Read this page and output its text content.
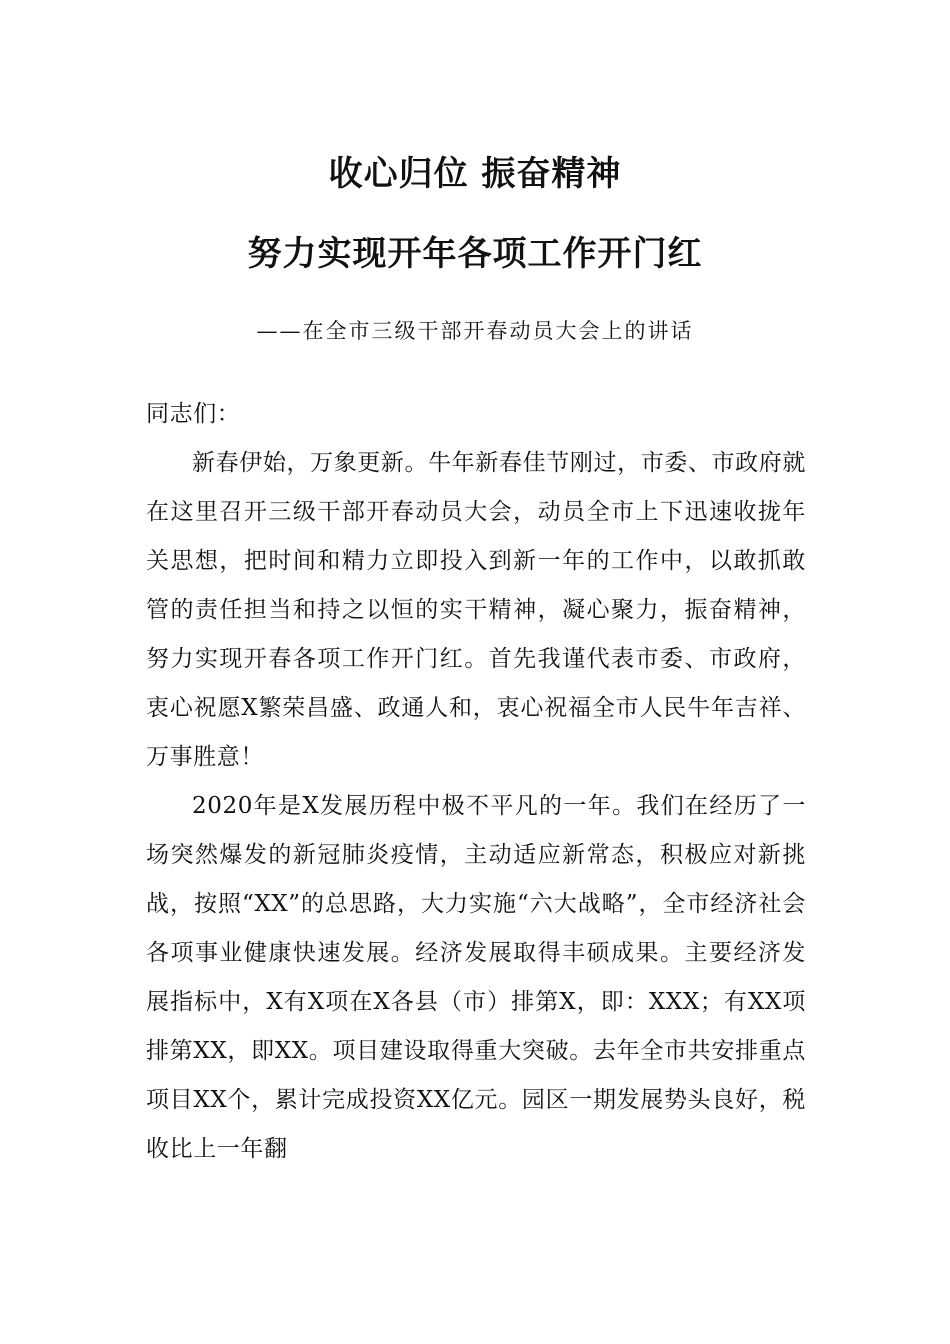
收心归位 振奋精神
努力实现开年各项工作开门红

——在全市三级干部开春动员大会上的讲话

同志们：

新春伊始，万象更新。牛年新春佳节刚过，市委、市政府就在这里召开三级干部开春动员大会，动员全市上下迅速收拢年关思想，把时间和精力立即投入到新一年的工作中，以敢抓敢管的责任担当和持之以恒的实干精神，凝心聚力，振奋精神，努力实现开春各项工作开门红。首先我谨代表市委、市政府，衷心祝愿X繁荣昌盛、政通人和，衷心祝福全市人民牛年吉祥、万事胜意！

2020年是X发展历程中极不平凡的一年。我们在经历了一场突然爆发的新冠肺炎疫情，主动适应新常态，积极应对新挑战，按照“XX”的总思路，大力实施“六大战略”，全市经济社会各项事业健康快速发展。经济发展取得丰硕成果。主要经济发展指标中，X有X项在X各县（市）排第X，即：XXX；有XX项排第XX，即XX。项目建设取得重大突破。去年全市共安排重点项目XX个，累计完成投资XX亿元。园区一期发展势头良好，税收比上一年翻
